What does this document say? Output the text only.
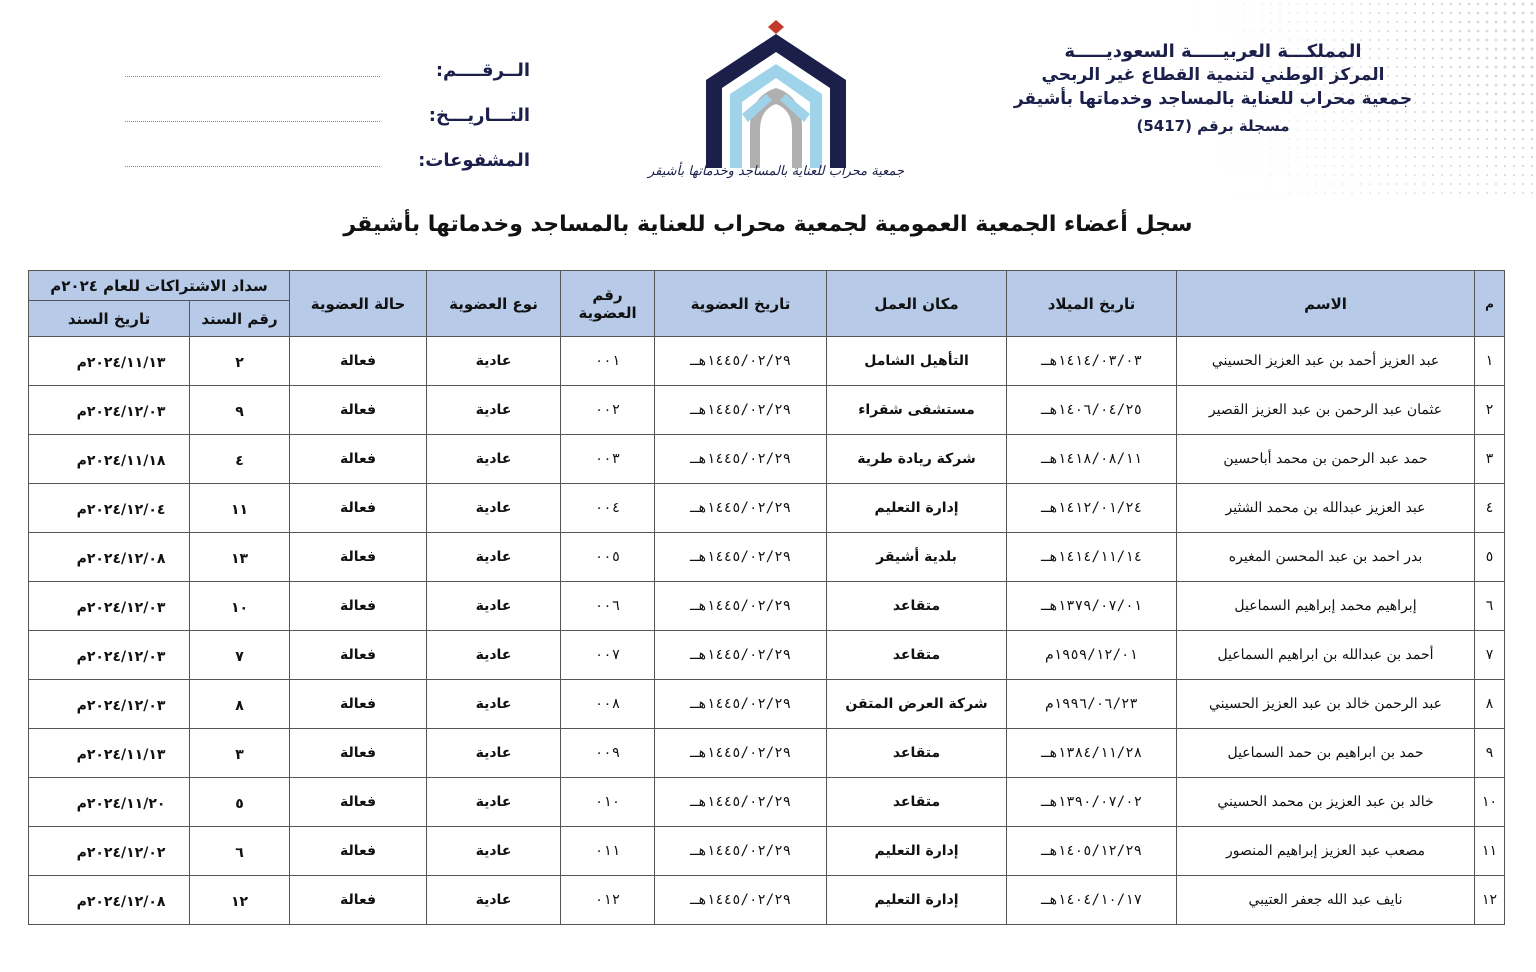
المملكـــة العربيـــــة السعوديـــــة
المركز الوطني لتنمية القطاع غير الربحي
جمعية محراب للعناية بالمساجد وخدماتها بأشيقر
مسجلة برقم (5417)
جمعية محراب للعناية بالمساجد وخدماتها بأشيقر
الــرقــــم:
التـــاريـــخ:
المشفوعات:
سجل أعضاء الجمعية العمومية لجمعية محراب للعناية بالمساجد وخدماتها بأشيقر
م	الاسم	تاريخ الميلاد	مكان العمل	تاريخ العضوية	رقم العضوية	نوع العضوية	حالة العضوية	سداد الاشتراكات للعام ٢٠٢٤م	
								رقم السند	تاريخ السند
١	عبد العزيز أحمد بن عبد العزيز الحسيني	١٤١٤/٠٣/٠٣هـ	التأهيل الشامل	١٤٤٥/٠٢/٢٩هـ	٠٠١	عادية	فعالة	٢	٢٠٢٤/١١/١٣م
٢	عثمان عبد الرحمن بن عبد العزيز القصير	١٤٠٦/٠٤/٢٥هـ	مستشفى شقراء	١٤٤٥/٠٢/٢٩هـ	٠٠٢	عادية	فعالة	٩	٢٠٢٤/١٢/٠٣م
٣	حمد عبد الرحمن بن محمد أباحسين	١٤١٨/٠٨/١١هـ	شركة ريادة طرية	١٤٤٥/٠٢/٢٩هـ	٠٠٣	عادية	فعالة	٤	٢٠٢٤/١١/١٨م
٤	عبد العزيز عبدالله بن محمد الشثير	١٤١٢/٠١/٢٤هـ	إدارة التعليم	١٤٤٥/٠٢/٢٩هـ	٠٠٤	عادية	فعالة	١١	٢٠٢٤/١٢/٠٤م
٥	بدر احمد بن عبد المحسن المغيره	١٤١٤/١١/١٤هـ	بلدية أشيقر	١٤٤٥/٠٢/٢٩هـ	٠٠٥	عادية	فعالة	١٣	٢٠٢٤/١٢/٠٨م
٦	إبراهيم محمد إبراهيم السماعيل	١٣٧٩/٠٧/٠١هـ	متقاعد	١٤٤٥/٠٢/٢٩هـ	٠٠٦	عادية	فعالة	١٠	٢٠٢٤/١٢/٠٣م
٧	أحمد بن عبدالله بن ابراهيم السماعيل	١٩٥٩/١٢/٠١م	متقاعد	١٤٤٥/٠٢/٢٩هـ	٠٠٧	عادية	فعالة	٧	٢٠٢٤/١٢/٠٣م
٨	عبد الرحمن خالد بن عبد العزيز الحسيني	١٩٩٦/٠٦/٢٣م	شركة العرض المتقن	١٤٤٥/٠٢/٢٩هـ	٠٠٨	عادية	فعالة	٨	٢٠٢٤/١٢/٠٣م
٩	حمد بن ابراهيم بن حمد السماعيل	١٣٨٤/١١/٢٨هـ	متقاعد	١٤٤٥/٠٢/٢٩هـ	٠٠٩	عادية	فعالة	٣	٢٠٢٤/١١/١٣م
١٠	خالد بن عبد العزيز بن محمد الحسيني	١٣٩٠/٠٧/٠٢هـ	متقاعد	١٤٤٥/٠٢/٢٩هـ	٠١٠	عادية	فعالة	٥	٢٠٢٤/١١/٢٠م
١١	مصعب عبد العزيز إبراهيم المنصور	١٤٠٥/١٢/٢٩هـ	إدارة التعليم	١٤٤٥/٠٢/٢٩هـ	٠١١	عادية	فعالة	٦	٢٠٢٤/١٢/٠٢م
١٢	نايف عبد الله جعفر العتيبي	١٤٠٤/١٠/١٧هـ	إدارة التعليم	١٤٤٥/٠٢/٢٩هـ	٠١٢	عادية	فعالة	١٢	٢٠٢٤/١٢/٠٨م
